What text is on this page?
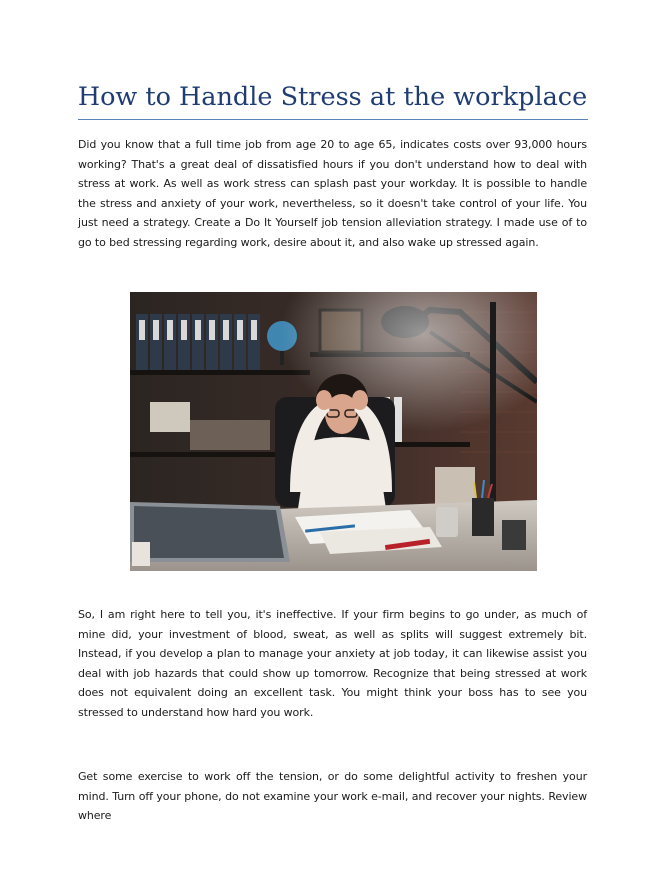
How to Handle Stress at the workplace

Did you know that a full time job from age 20 to age 65, indicates costs over 93,000 hours working? That's a great deal of dissatisfied hours if you don't understand how to deal with stress at work. As well as work stress can splash past your workday. It is possible to handle the stress and anxiety of your work, nevertheless, so it doesn't take control of your life. You just need a strategy. Create a Do It Yourself job tension alleviation strategy. I made use of to go to bed stressing regarding work, desire about it, and also wake up stressed again.

So, I am right here to tell you, it's ineffective. If your firm begins to go under, as much of mine did, your investment of blood, sweat, as well as splits will suggest extremely bit. Instead, if you develop a plan to manage your anxiety at job today, it can likewise assist you deal with job hazards that could show up tomorrow. Recognize that being stressed at work does not equivalent doing an excellent task. You might think your boss has to see you stressed to understand how hard you work.

Get some exercise to work off the tension, or do some delightful activity to freshen your mind. Turn off your phone, do not examine your work e-mail, and recover your nights. Review where
